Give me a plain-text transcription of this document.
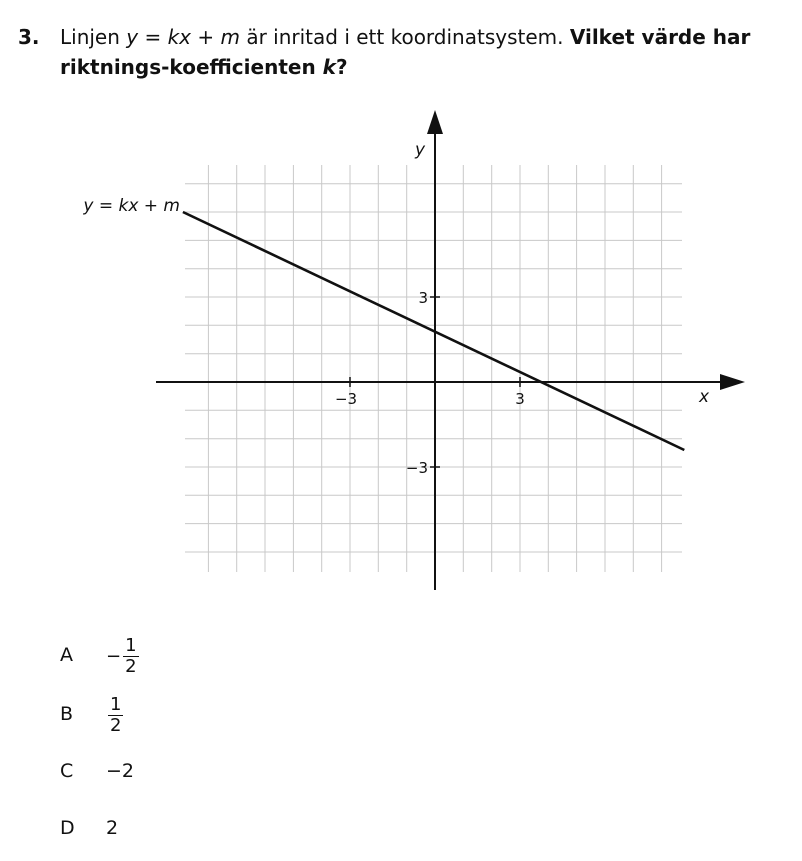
3. Linjen y = kx + m är inritad i ett koordinatsystem. Vilket värde har riktnings-koefficienten k?
−3	3
3
−3
x
y
y = kx + m
A	− $\frac{1}{2}$
B	$\frac{1}{2}$
C	−2
D	2
